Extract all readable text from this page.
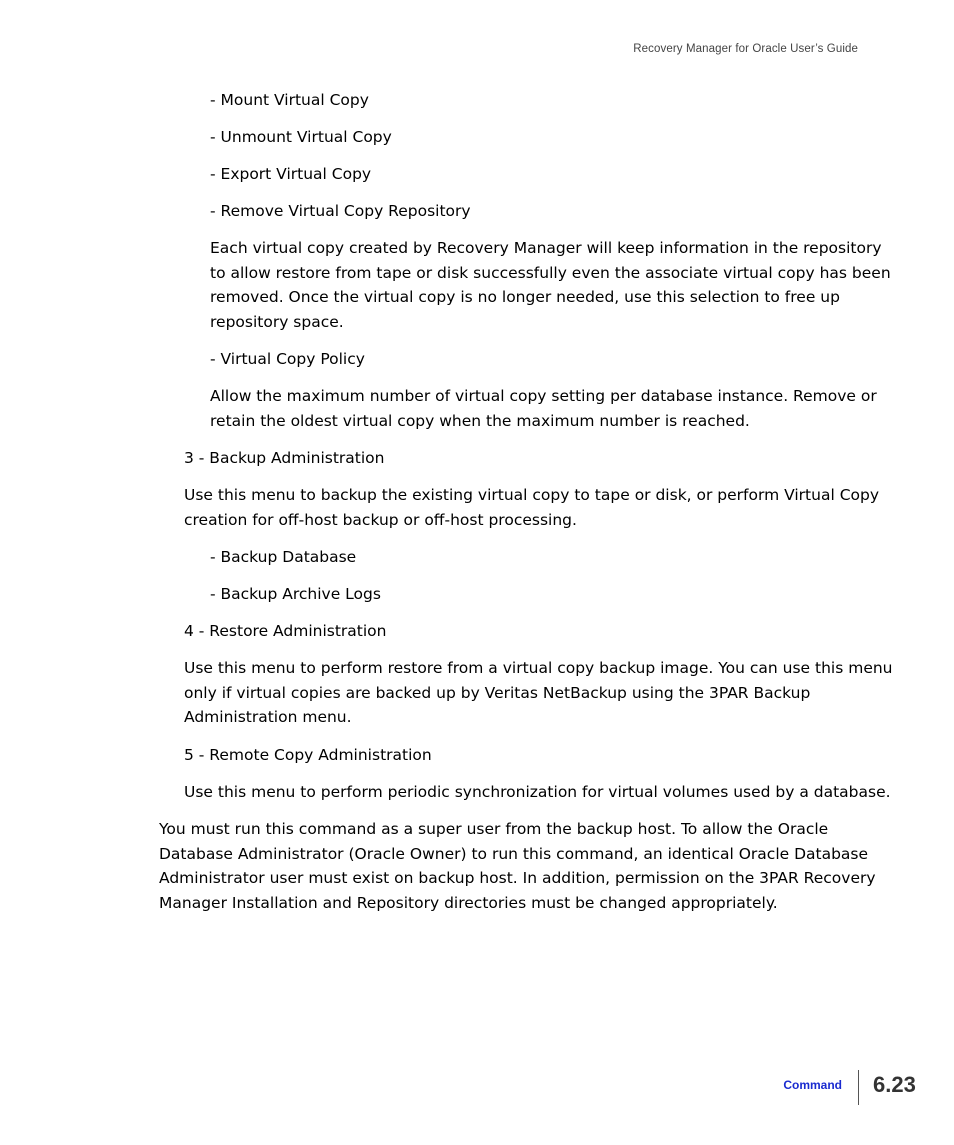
Recovery Manager for Oracle User’s Guide

- Mount Virtual Copy

- Unmount Virtual Copy

- Export Virtual Copy

- Remove Virtual Copy Repository

Each virtual copy created by Recovery Manager will keep information in the repository
to allow restore from tape or disk successfully even the associate virtual copy has been
removed. Once the virtual copy is no longer needed, use this selection to free up
repository space.

- Virtual Copy Policy

Allow the maximum number of virtual copy setting per database instance. Remove or
retain the oldest virtual copy when the maximum number is reached.

3 - Backup Administration

Use this menu to backup the existing virtual copy to tape or disk, or perform Virtual Copy
creation for off-host backup or off-host processing.

- Backup Database

- Backup Archive Logs

4 - Restore Administration

Use this menu to perform restore from a virtual copy backup image. You can use this menu
only if virtual copies are backed up by Veritas NetBackup using the 3PAR Backup
Administration menu.

5 - Remote Copy Administration

Use this menu to perform periodic synchronization for virtual volumes used by a database.

You must run this command as a super user from the backup host. To allow the Oracle
Database Administrator (Oracle Owner) to run this command, an identical Oracle Database
Administrator user must exist on backup host. In addition, permission on the 3PAR Recovery
Manager Installation and Repository directories must be changed appropriately.
Command 6.23
